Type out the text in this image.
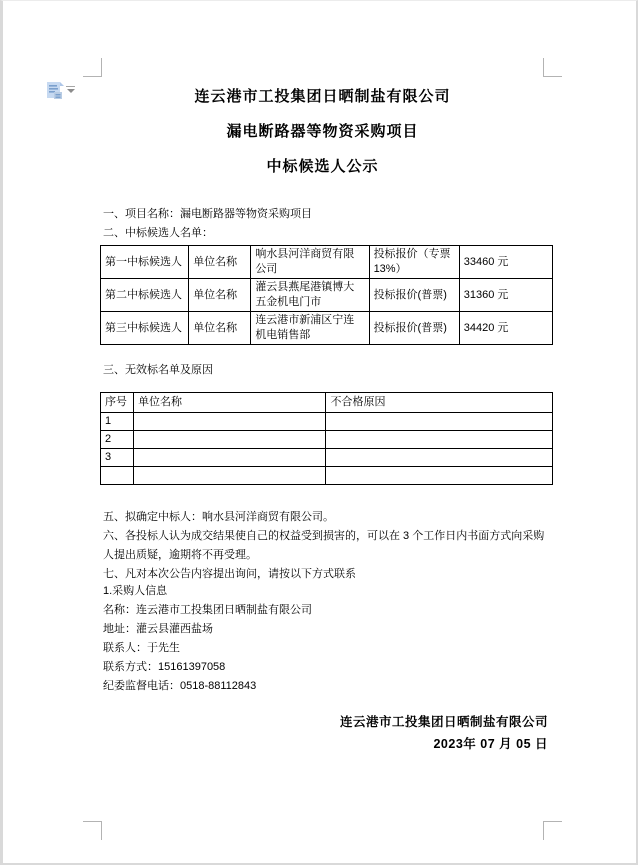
连云港市工投集团日晒制盐有限公司
漏电断路器等物资采购项目
中标候选人公示
一、项目名称：漏电断路器等物资采购项目
二、中标候选人名单：
第一中标候选人	单位名称	响水县河洋商贸有限公司	投标报价（专票13%）	33460 元
第二中标候选人	单位名称	灌云县燕尾港镇博大五金机电门市	投标报价(普票)	31360 元
第三中标候选人	单位名称	连云港市新浦区宁连机电销售部	投标报价(普票)	34420 元
三、无效标名单及原因
序号	单位名称	不合格原因
1		
2		
3		

五、拟确定中标人：响水县河洋商贸有限公司。
六、各投标人认为成交结果使自己的权益受到损害的，可以在 3 个工作日内书面方式向采购人提出质疑，逾期将不再受理。
七、凡对本次公告内容提出询问，请按以下方式联系
1.采购人信息
名称：连云港市工投集团日晒制盐有限公司
地址：灌云县灌西盐场
联系人：于先生
联系方式：15161397058
纪委监督电话：0518-88112843
连云港市工投集团日晒制盐有限公司
2023年 07 月 05 日
